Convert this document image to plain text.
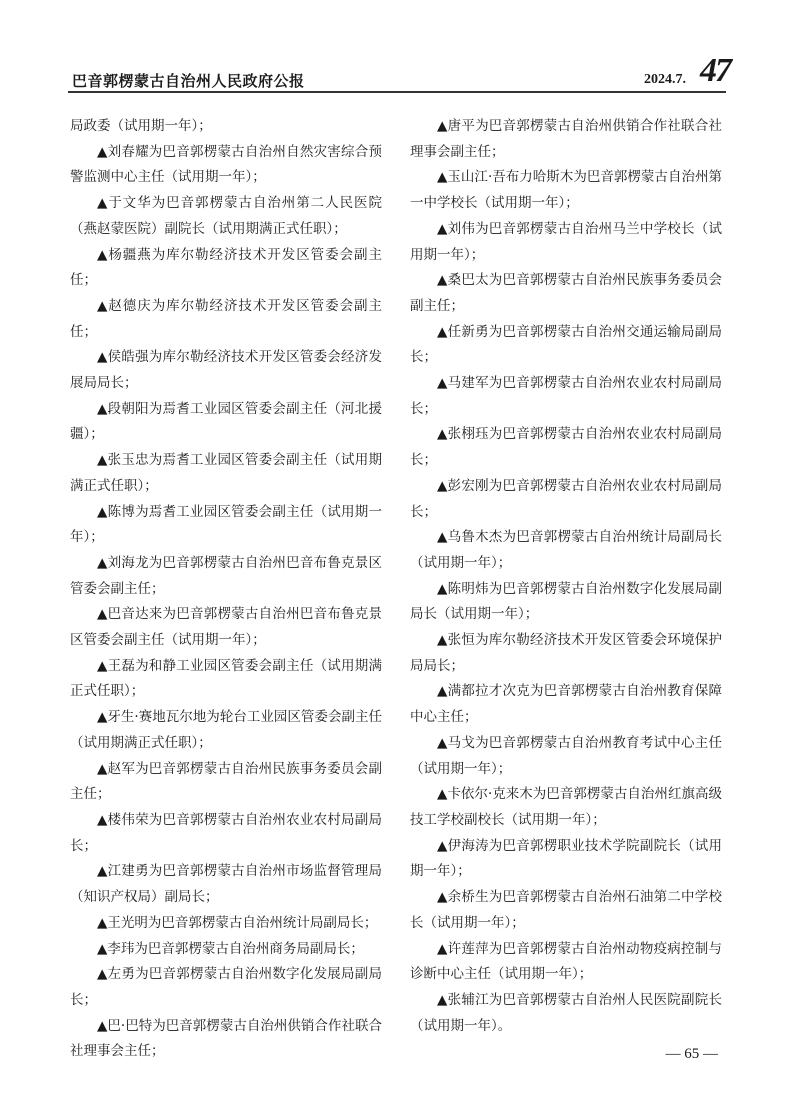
巴音郭楞蒙古自治州人民政府公报	2024.7. 47

局政委（试用期一年）；

▲刘春耀为巴音郭楞蒙古自治州自然灾害综合预警监测中心主任（试用期一年）；

▲于文华为巴音郭楞蒙古自治州第二人民医院（燕赵蒙医院）副院长（试用期满正式任职）；

▲杨疆燕为库尔勒经济技术开发区管委会副主任；

▲赵德庆为库尔勒经济技术开发区管委会副主任；

▲侯皓强为库尔勒经济技术开发区管委会经济发展局局长；

▲段朝阳为焉耆工业园区管委会副主任（河北援疆）；

▲张玉忠为焉耆工业园区管委会副主任（试用期满正式任职）；

▲陈博为焉耆工业园区管委会副主任（试用期一年）；

▲刘海龙为巴音郭楞蒙古自治州巴音布鲁克景区管委会副主任；

▲巴音达来为巴音郭楞蒙古自治州巴音布鲁克景区管委会副主任（试用期一年）；

▲王磊为和静工业园区管委会副主任（试用期满正式任职）；

▲牙生·赛地瓦尔地为轮台工业园区管委会副主任（试用期满正式任职）；

▲赵军为巴音郭楞蒙古自治州民族事务委员会副主任；

▲楼伟荣为巴音郭楞蒙古自治州农业农村局副局长；

▲江建勇为巴音郭楞蒙古自治州市场监督管理局（知识产权局）副局长；

▲王光明为巴音郭楞蒙古自治州统计局副局长；

▲李玮为巴音郭楞蒙古自治州商务局副局长；

▲左勇为巴音郭楞蒙古自治州数字化发展局副局长；

▲巴·巴特为巴音郭楞蒙古自治州供销合作社联合社理事会主任；

▲唐平为巴音郭楞蒙古自治州供销合作社联合社理事会副主任；

▲玉山江·吾布力哈斯木为巴音郭楞蒙古自治州第一中学校长（试用期一年）；

▲刘伟为巴音郭楞蒙古自治州马兰中学校长（试用期一年）；

▲桑巴太为巴音郭楞蒙古自治州民族事务委员会副主任；

▲任新勇为巴音郭楞蒙古自治州交通运输局副局长；

▲马建军为巴音郭楞蒙古自治州农业农村局副局长；

▲张栩珏为巴音郭楞蒙古自治州农业农村局副局长；

▲彭宏刚为巴音郭楞蒙古自治州农业农村局副局长；

▲乌鲁木杰为巴音郭楞蒙古自治州统计局副局长（试用期一年）；

▲陈明炜为巴音郭楞蒙古自治州数字化发展局副局长（试用期一年）；

▲张恒为库尔勒经济技术开发区管委会环境保护局局长；

▲满都拉才次克为巴音郭楞蒙古自治州教育保障中心主任；

▲马戈为巴音郭楞蒙古自治州教育考试中心主任（试用期一年）；

▲卡依尔·克来木为巴音郭楞蒙古自治州红旗高级技工学校副校长（试用期一年）；

▲伊海涛为巴音郭楞职业技术学院副院长（试用期一年）；

▲余桥生为巴音郭楞蒙古自治州石油第二中学校长（试用期一年）；

▲许莲萍为巴音郭楞蒙古自治州动物疫病控制与诊断中心主任（试用期一年）；

▲张辅江为巴音郭楞蒙古自治州人民医院副院长（试用期一年）。

— 65 —
